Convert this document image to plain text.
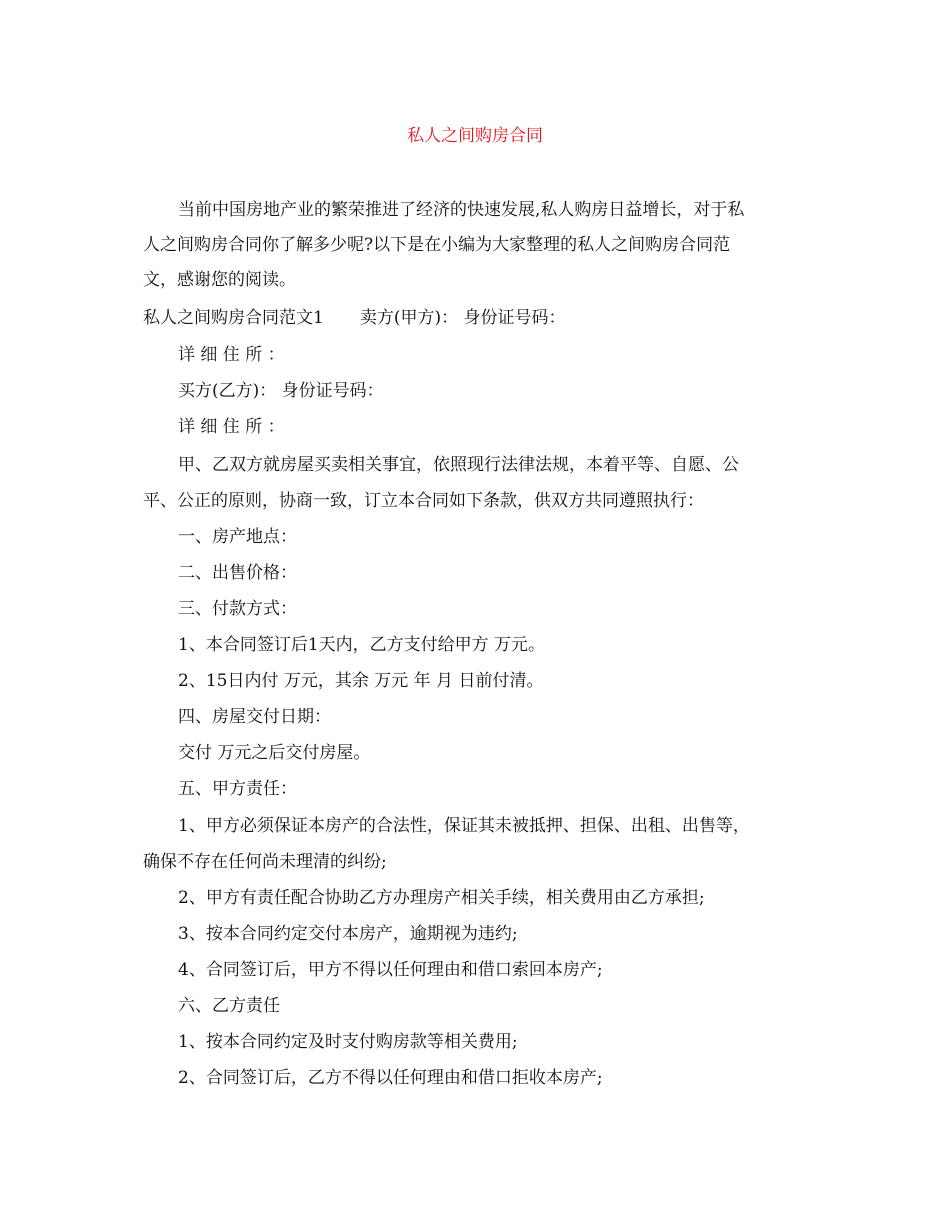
私人之间购房合同
当前中国房地产业的繁荣推进了经济的快速发展,私人购房日益增长，对于私
人之间购房合同你了解多少呢?以下是在小编为大家整理的私人之间购房合同范
文，感谢您的阅读。
私人之间购房合同范文1 卖方(甲方)： 身份证号码：
详 细 住 所 ：
买方(乙方)： 身份证号码：
详 细 住 所 ：
甲、乙双方就房屋买卖相关事宜，依照现行法律法规，本着平等、自愿、公
平、公正的原则，协商一致，订立本合同如下条款，供双方共同遵照执行：
一、房产地点：
二、出售价格：
三、付款方式：
1、本合同签订后1天内，乙方支付给甲方 万元。
2、15日内付 万元，其余 万元 年 月 日前付清。
四、房屋交付日期：
交付 万元之后交付房屋。
五、甲方责任：
1、甲方必须保证本房产的合法性，保证其未被抵押、担保、出租、出售等，
确保不存在任何尚未理清的纠纷;
2、甲方有责任配合协助乙方办理房产相关手续，相关费用由乙方承担;
3、按本合同约定交付本房产，逾期视为违约;
4、合同签订后，甲方不得以任何理由和借口索回本房产;
六、乙方责任
1、按本合同约定及时支付购房款等相关费用;
2、合同签订后，乙方不得以任何理由和借口拒收本房产;
